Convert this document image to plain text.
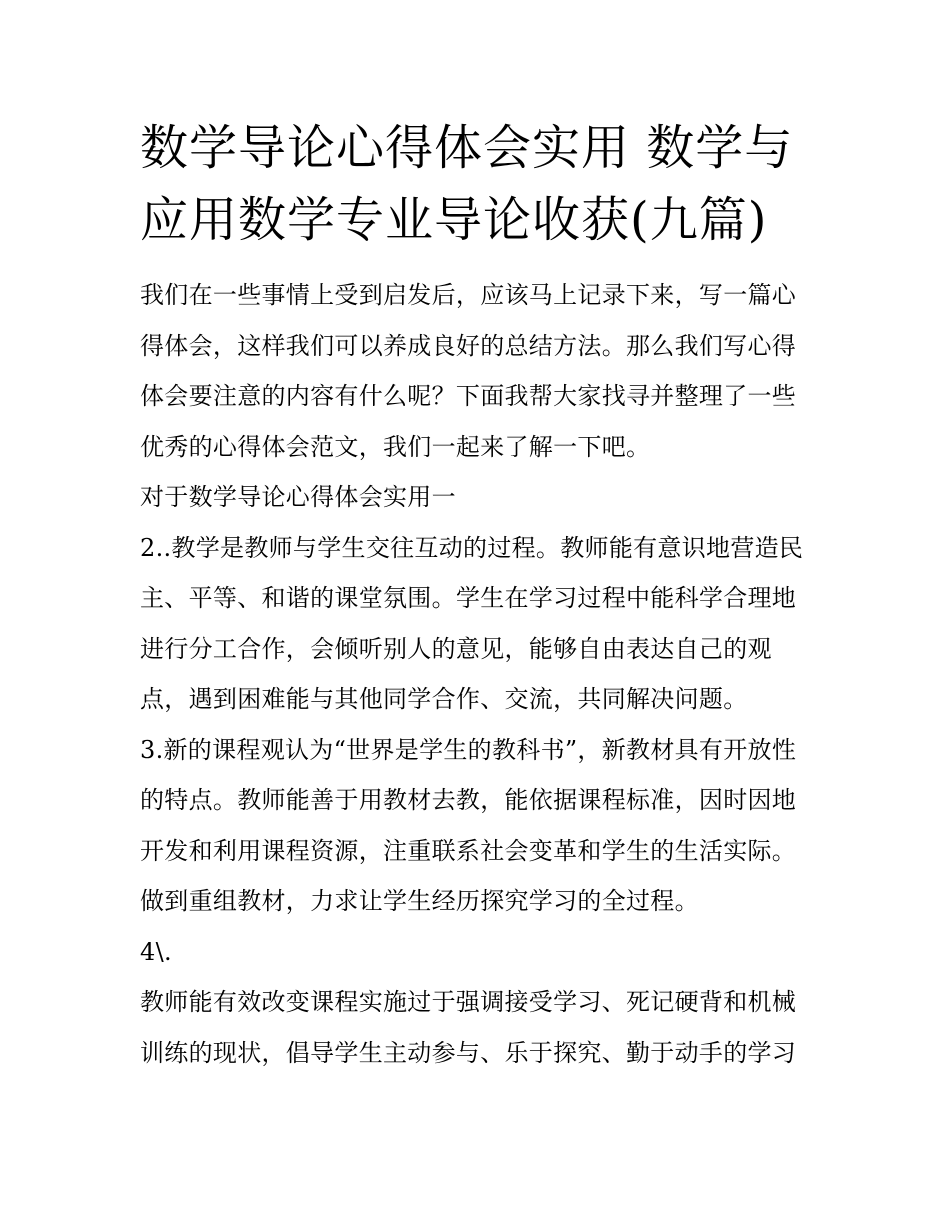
数学导论心得体会实用 数学与应用数学专业导论收获(九篇)

我们在一些事情上受到启发后，应该马上记录下来，写一篇心得体会，这样我们可以养成良好的总结方法。那么我们写心得体会要注意的内容有什么呢？下面我帮大家找寻并整理了一些优秀的心得体会范文，我们一起来了解一下吧。

对于数学导论心得体会实用一

2..教学是教师与学生交往互动的过程。教师能有意识地营造民主、平等、和谐的课堂氛围。学生在学习过程中能科学合理地进行分工合作，会倾听别人的意见，能够自由表达自己的观点，遇到困难能与其他同学合作、交流，共同解决问题。

3.新的课程观认为“世界是学生的教科书”，新教材具有开放性的特点。教师能善于用教材去教，能依据课程标准，因时因地开发和利用课程资源，注重联系社会变革和学生的生活实际。做到重组教材，力求让学生经历探究学习的全过程。

4\.

教师能有效改变课程实施过于强调接受学习、死记硬背和机械训练的现状，倡导学生主动参与、乐于探究、勤于动手的学习
